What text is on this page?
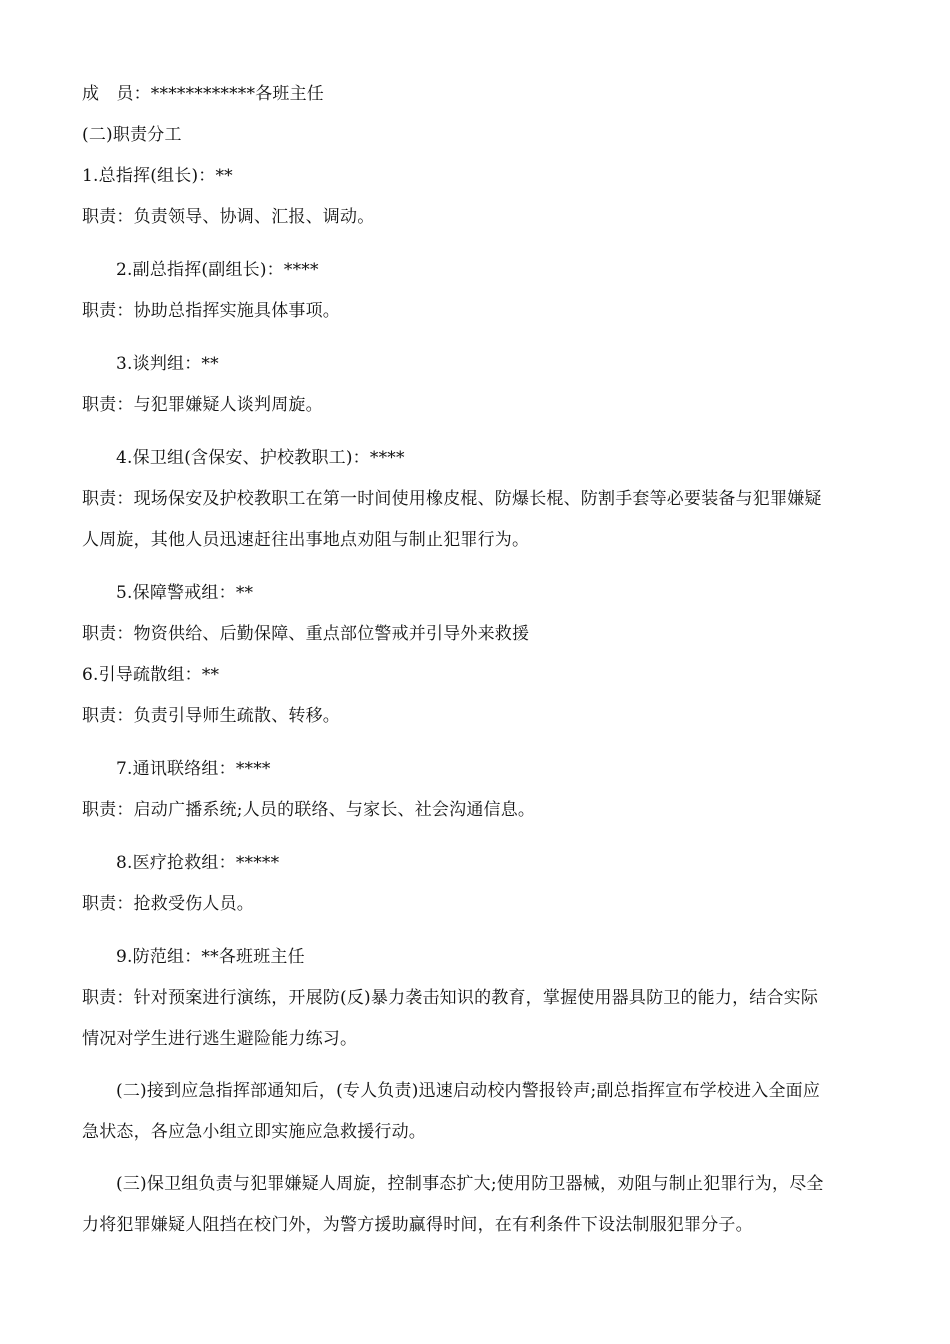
成　员：************各班主任
(二)职责分工
1.总指挥(组长)：**
职责：负责领导、协调、汇报、调动。
2.副总指挥(副组长)：****
职责：协助总指挥实施具体事项。
3.谈判组：**
职责：与犯罪嫌疑人谈判周旋。
4.保卫组(含保安、护校教职工)：****
职责：现场保安及护校教职工在第一时间使用橡皮棍、防爆长棍、防割手套等必要装备与犯罪嫌疑
人周旋，其他人员迅速赶往出事地点劝阻与制止犯罪行为。
5.保障警戒组：**
职责：物资供给、后勤保障、重点部位警戒并引导外来救援
6.引导疏散组：**
职责：负责引导师生疏散、转移。
7.通讯联络组：****
职责：启动广播系统;人员的联络、与家长、社会沟通信息。
8.医疗抢救组：*****
职责：抢救受伤人员。
9.防范组：**各班班主任
职责：针对预案进行演练，开展防(反)暴力袭击知识的教育，掌握使用器具防卫的能力，结合实际
情况对学生进行逃生避险能力练习。
(二)接到应急指挥部通知后，(专人负责)迅速启动校内警报铃声;副总指挥宣布学校进入全面应
急状态，各应急小组立即实施应急救援行动。
(三)保卫组负责与犯罪嫌疑人周旋，控制事态扩大;使用防卫器械，劝阻与制止犯罪行为，尽全
力将犯罪嫌疑人阻挡在校门外，为警方援助赢得时间，在有利条件下设法制服犯罪分子。
